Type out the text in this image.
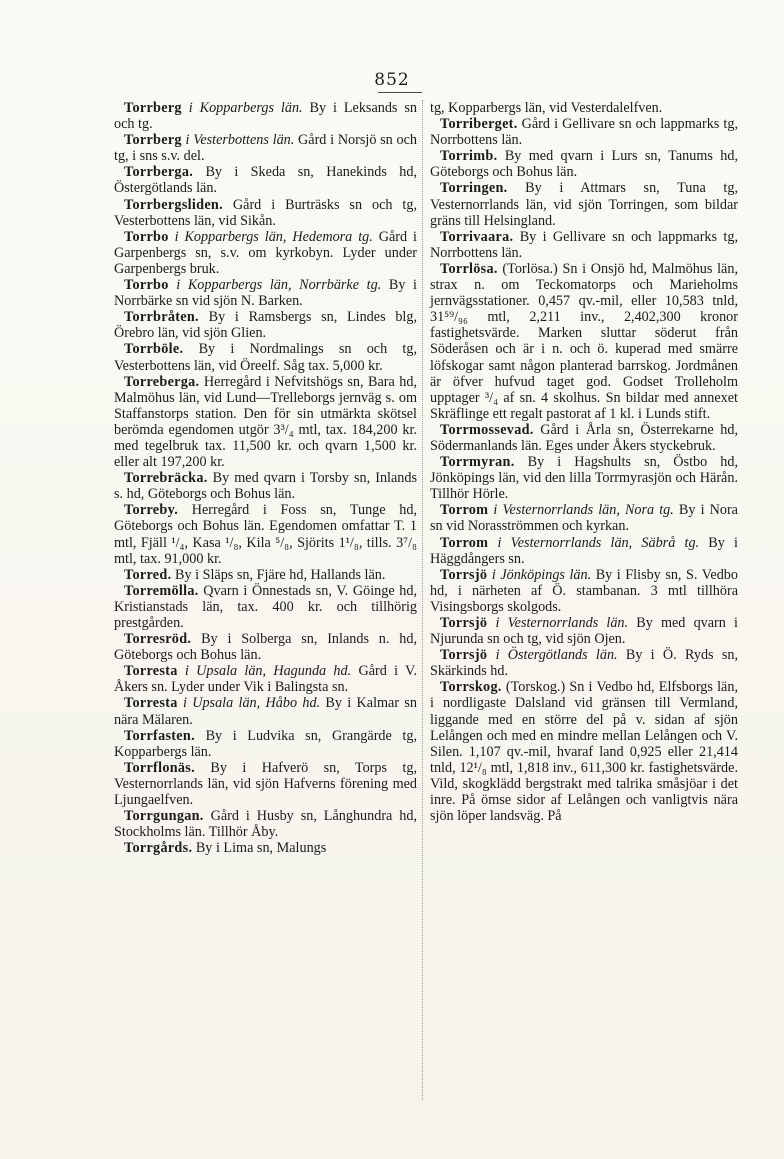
852

Torrberg i Kopparbergs län. By i Leksands sn och tg.

Torrberg i Vesterbottens län. Gård i Norsjö sn och tg, i sns s.v. del.

Torrberga. By i Skeda sn, Hanekinds hd, Östergötlands län.

Torrbergsliden. Gård i Burträsks sn och tg, Vesterbottens län, vid Sikån.

Torrbo i Kopparbergs län, Hedemora tg. Gård i Garpenbergs sn, s.v. om kyrkobyn. Lyder under Garpenbergs bruk.

Torrbo i Kopparbergs län, Norrbärke tg. By i Norrbärke sn vid sjön N. Barken.

Torrbråten. By i Ramsbergs sn, Lindes blg, Örebro län, vid sjön Glien.

Torrböle. By i Nordmalings sn och tg, Vesterbottens län, vid Öreelf. Såg tax. 5,000 kr.

Torreberga. Herregård i Nefvitshögs sn, Bara hd, Malmöhus län, vid Lund—Trelleborgs jernväg s. om Staffanstorps station. Den för sin utmärkta skötsel berömda egendomen utgör 3³/₄ mtl, tax. 184,200 kr. med tegelbruk tax. 11,500 kr. och qvarn 1,500 kr. eller alt 197,200 kr.

Torrebräcka. By med qvarn i Torsby sn, Inlands s. hd, Göteborgs och Bohus län.

Torreby. Herregård i Foss sn, Tunge hd, Göteborgs och Bohus län. Egendomen omfattar T. 1 mtl, Fjäll ¹/₄, Kasa ¹/₈, Kila ⁵/₈, Sjörits 1¹/₈, tills. 3⁷/₈ mtl, tax. 91,000 kr.

Torred. By i Släps sn, Fjäre hd, Hallands län.

Torremölla. Qvarn i Önnestads sn, V. Göinge hd, Kristianstads län, tax. 400 kr. och tillhörig prestgården.

Torresröd. By i Solberga sn, Inlands n. hd, Göteborgs och Bohus län.

Torresta i Upsala län, Hagunda hd. Gård i V. Åkers sn. Lyder under Vik i Balingsta sn.

Torresta i Upsala län, Håbo hd. By i Kalmar sn nära Mälaren.

Torrfasten. By i Ludvika sn, Grangärde tg, Kopparbergs län.

Torrflonäs. By i Hafverö sn, Torps tg, Vesternorrlands län, vid sjön Hafverns förening med Ljungaelfven.

Torrgungan. Gård i Husby sn, Långhundra hd, Stockholms län. Tillhör Åby.

Torrgårds. By i Lima sn, Malungs

tg, Kopparbergs län, vid Vesterdalelfven.

Torriberget. Gård i Gellivare sn och lappmarks tg, Norrbottens län.

Torrimb. By med qvarn i Lurs sn, Tanums hd, Göteborgs och Bohus län.

Torringen. By i Attmars sn, Tuna tg, Vesternorrlands län, vid sjön Torringen, som bildar gräns till Helsingland.

Torrivaara. By i Gellivare sn och lappmarks tg, Norrbottens län.

Torrlösa. (Torlösa.) Sn i Onsjö hd, Malmöhus län, strax n. om Teckomatorps och Marieholms jernvägsstationer. 0,457 qv.-mil, eller 10,583 tnld, 31⁵⁹/₉₆ mtl, 2,211 inv., 2,402,300 kronor fastighetsvärde. Marken sluttar söderut från Söderåsen och är i n. och ö. kuperad med smärre löfskogar samt någon planterad barrskog. Jordmånen är öfver hufvud taget god. Godset Trolleholm upptager ³/₄ af sn. 4 skolhus. Sn bildar med annexet Skräflinge ett regalt pastorat af 1 kl. i Lunds stift.

Torrmossevad. Gård i Årla sn, Österrekarne hd, Södermanlands län. Eges under Åkers styckebruk.

Torrmyran. By i Hagshults sn, Östbo hd, Jönköpings län, vid den lilla Torrmyrasjön och Härån. Tillhör Hörle.

Torrom i Vesternorrlands län, Nora tg. By i Nora sn vid Norasströmmen och kyrkan.

Torrom i Vesternorrlands län, Säbrå tg. By i Häggdångers sn.

Torrsjö i Jönköpings län. By i Flisby sn, S. Vedbo hd, i närheten af Ö. stambanan. 3 mtl tillhöra Visingsborgs skolgods.

Torrsjö i Vesternorrlands län. By med qvarn i Njurunda sn och tg, vid sjön Ojen.

Torrsjö i Östergötlands län. By i Ö. Ryds sn, Skärkinds hd.

Torrskog. (Torskog.) Sn i Vedbo hd, Elfsborgs län, i nordligaste Dalsland vid gränsen till Vermland, liggande med en större del på v. sidan af sjön Lelången och med en mindre mellan Lelången och V. Silen. 1,107 qv.-mil, hvaraf land 0,925 eller 21,414 tnld, 12¹/₈ mtl, 1,818 inv., 611,300 kr. fastighetsvärde. Vild, skogklädd bergstrakt med talrika småsjöar i det inre. På ömse sidor af Lelången och vanligtvis nära sjön löper landsväg. På
